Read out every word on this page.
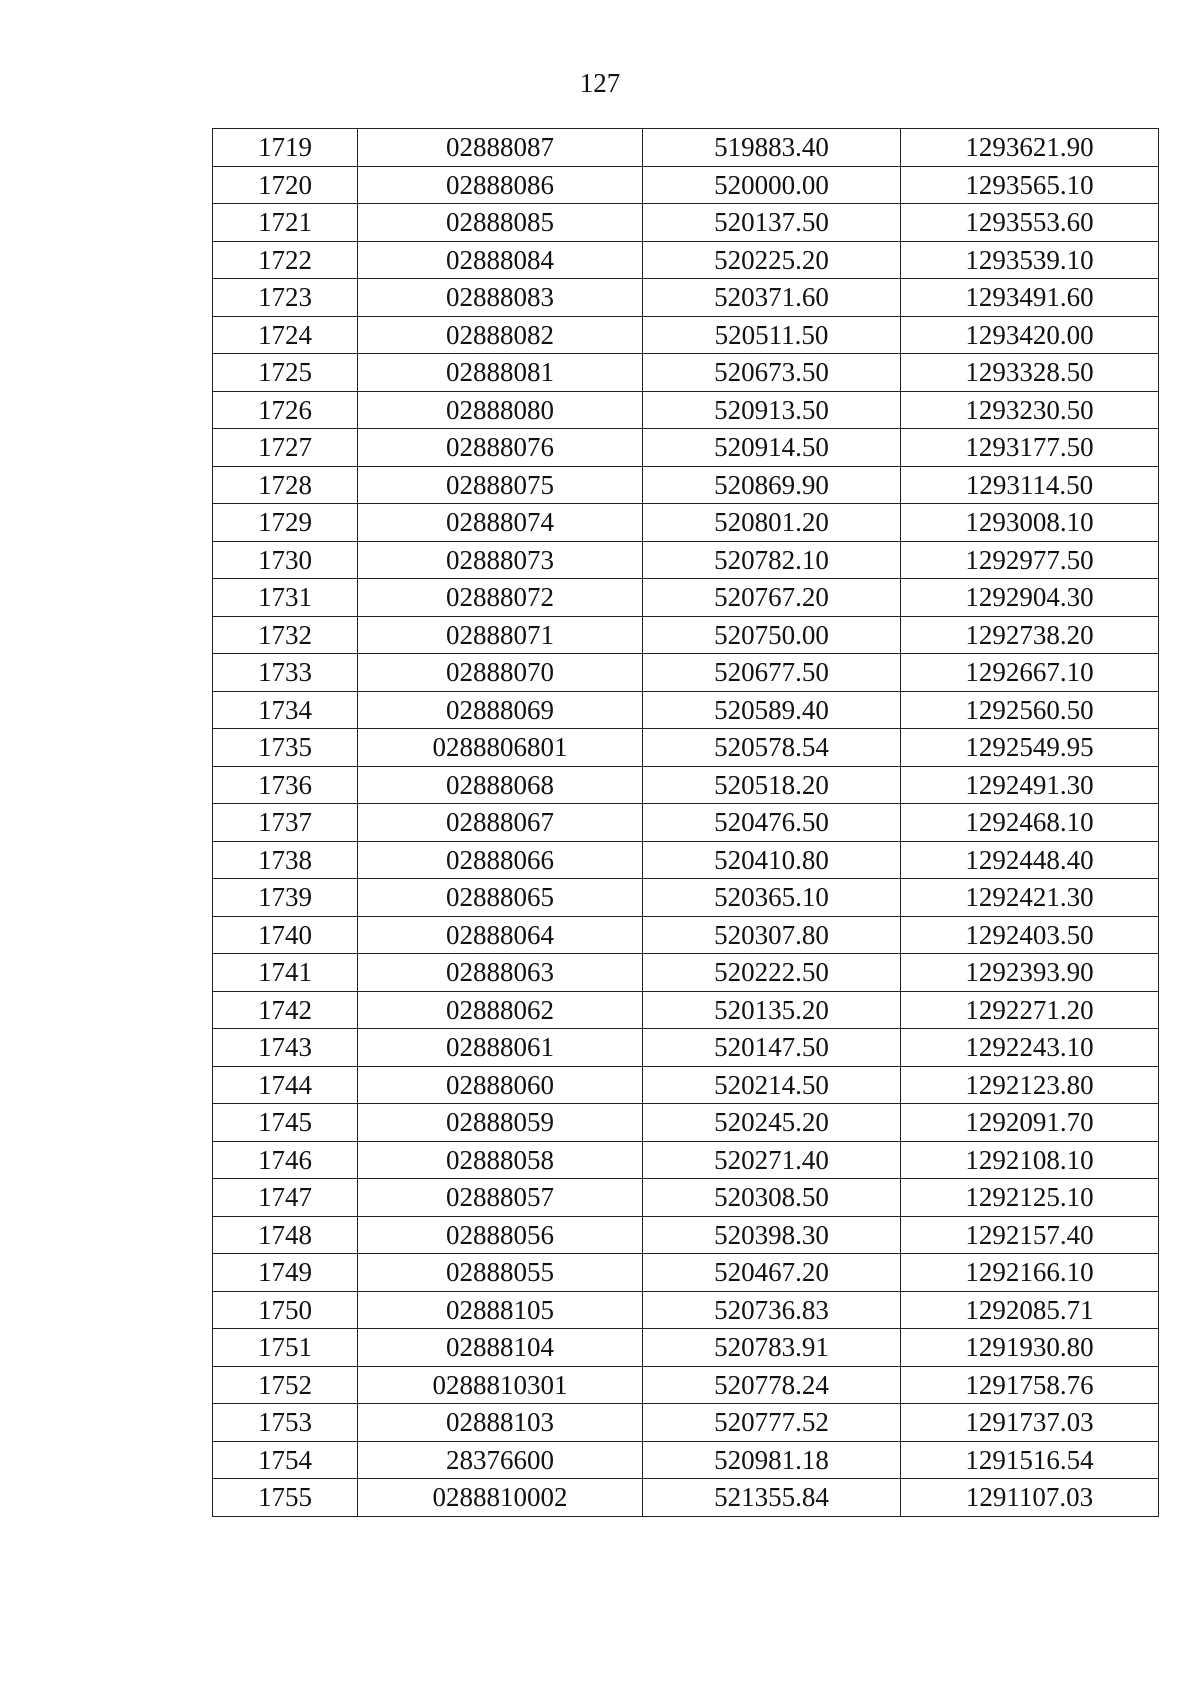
127
1719	02888087	519883.40	1293621.90
1720	02888086	520000.00	1293565.10
1721	02888085	520137.50	1293553.60
1722	02888084	520225.20	1293539.10
1723	02888083	520371.60	1293491.60
1724	02888082	520511.50	1293420.00
1725	02888081	520673.50	1293328.50
1726	02888080	520913.50	1293230.50
1727	02888076	520914.50	1293177.50
1728	02888075	520869.90	1293114.50
1729	02888074	520801.20	1293008.10
1730	02888073	520782.10	1292977.50
1731	02888072	520767.20	1292904.30
1732	02888071	520750.00	1292738.20
1733	02888070	520677.50	1292667.10
1734	02888069	520589.40	1292560.50
1735	0288806801	520578.54	1292549.95
1736	02888068	520518.20	1292491.30
1737	02888067	520476.50	1292468.10
1738	02888066	520410.80	1292448.40
1739	02888065	520365.10	1292421.30
1740	02888064	520307.80	1292403.50
1741	02888063	520222.50	1292393.90
1742	02888062	520135.20	1292271.20
1743	02888061	520147.50	1292243.10
1744	02888060	520214.50	1292123.80
1745	02888059	520245.20	1292091.70
1746	02888058	520271.40	1292108.10
1747	02888057	520308.50	1292125.10
1748	02888056	520398.30	1292157.40
1749	02888055	520467.20	1292166.10
1750	02888105	520736.83	1292085.71
1751	02888104	520783.91	1291930.80
1752	0288810301	520778.24	1291758.76
1753	02888103	520777.52	1291737.03
1754	28376600	520981.18	1291516.54
1755	0288810002	521355.84	1291107.03
